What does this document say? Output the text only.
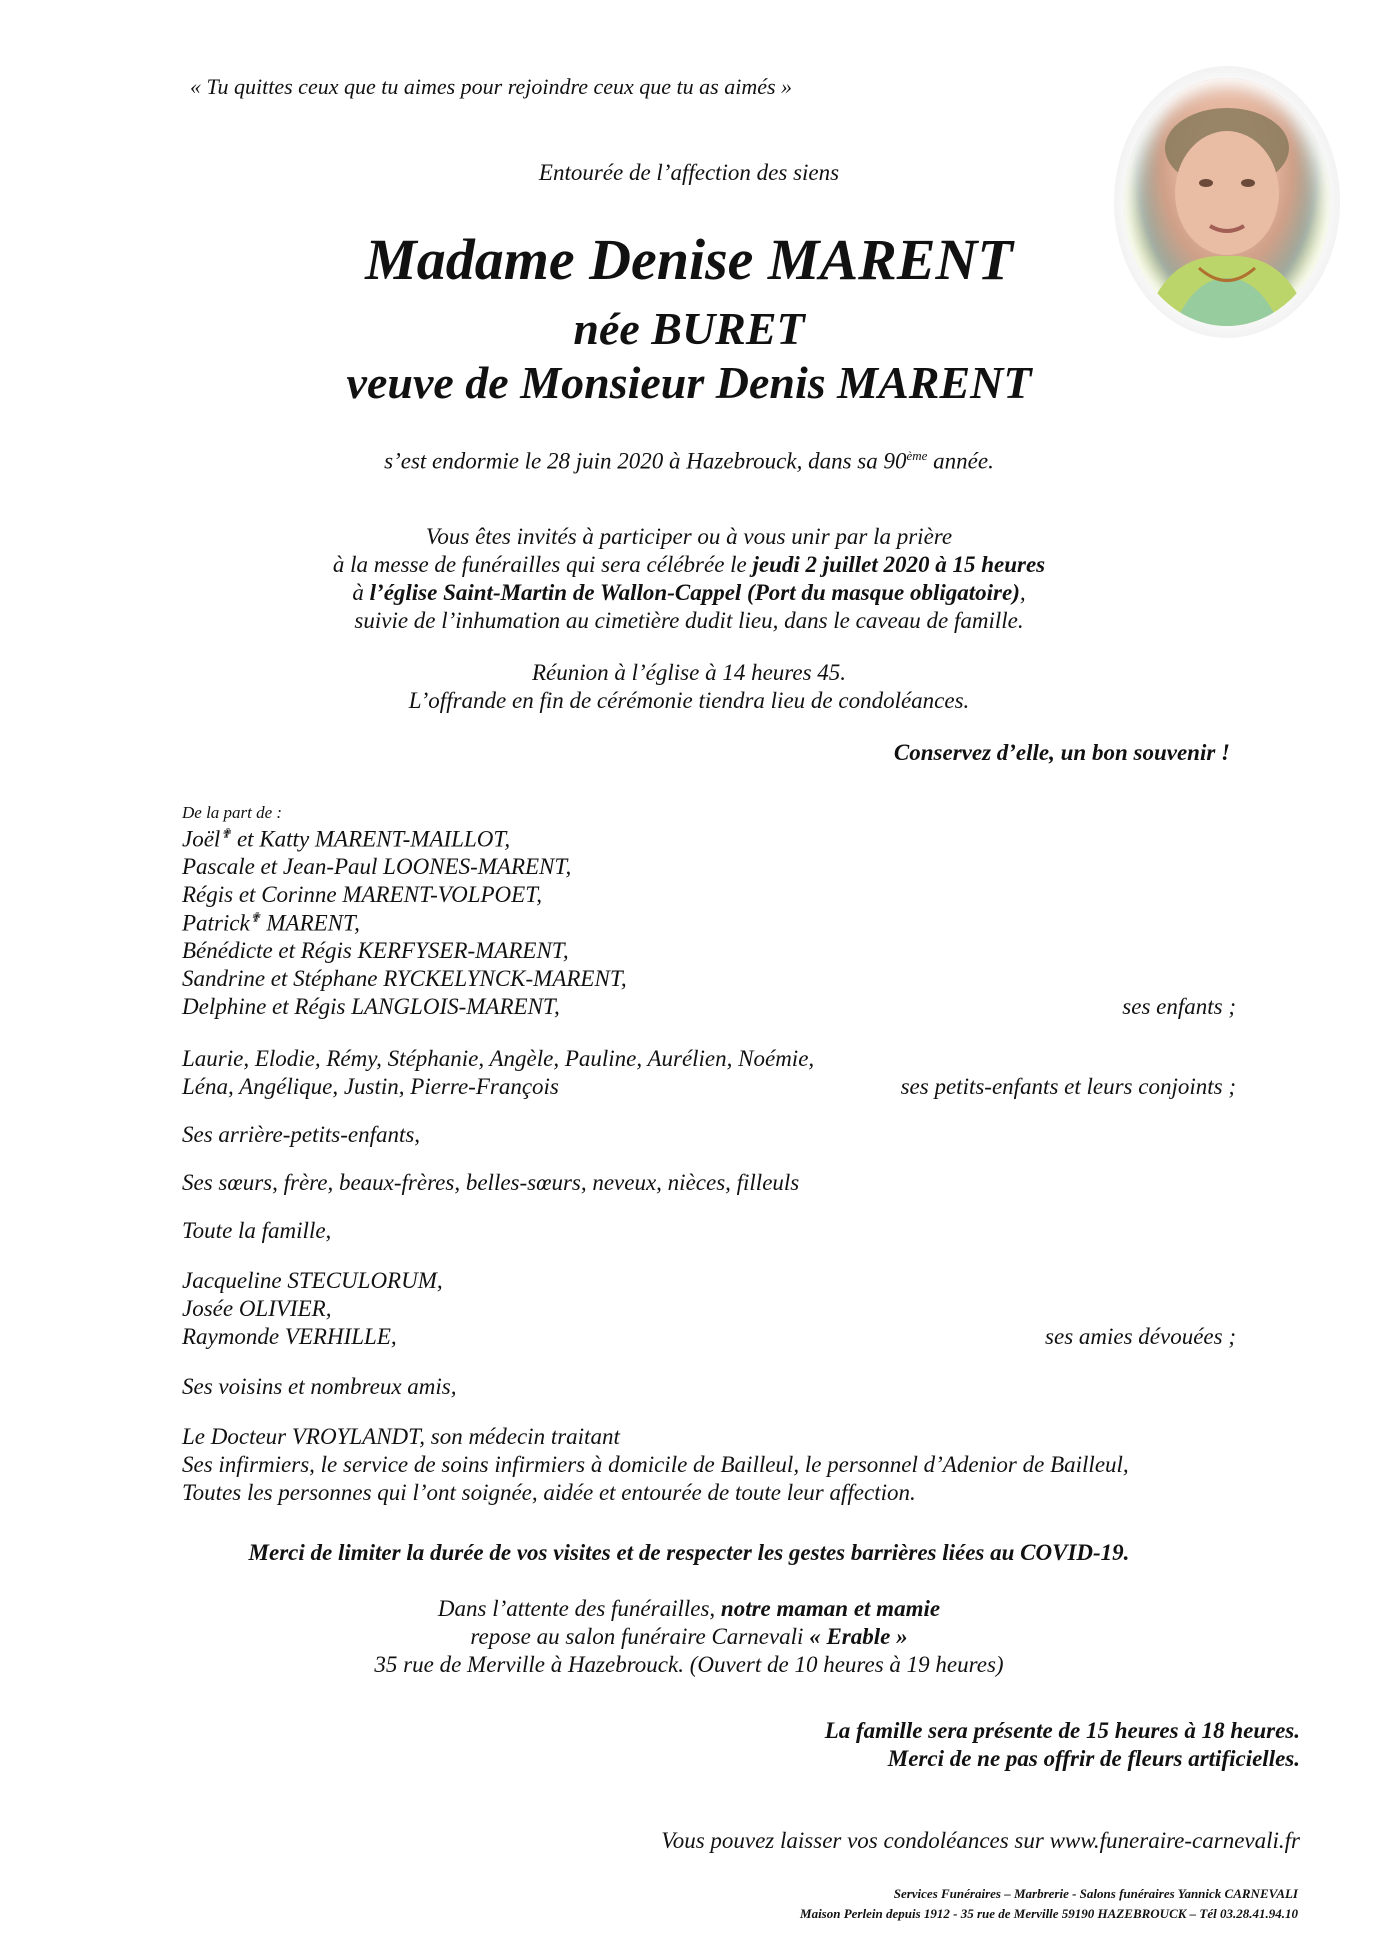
« Tu quittes ceux que tu aimes pour rejoindre ceux que tu as aimés »
Entourée de l’affection des siens
Madame Denise MARENT
née BURET
veuve de Monsieur Denis MARENT
s’est endormie le 28 juin 2020 à Hazebrouck, dans sa 90ème année.
Vous êtes invités à participer ou à vous unir par la prière
à la messe de funérailles qui sera célébrée le jeudi 2 juillet 2020 à 15 heures
à l’église Saint-Martin de Wallon-Cappel (Port du masque obligatoire),
suivie de l’inhumation au cimetière dudit lieu, dans le caveau de famille.
Réunion à l’église à 14 heures 45.
L’offrande en fin de cérémonie tiendra lieu de condoléances.
Conservez d’elle, un bon souvenir !
De la part de :
Joël✟ et Katty MARENT-MAILLOT,
Pascale et Jean-Paul LOONES-MARENT,
Régis et Corinne MARENT-VOLPOET,
Patrick✟ MARENT,
Bénédicte et Régis KERFYSER-MARENT,
Sandrine et Stéphane RYCKELYNCK-MARENT,
Delphine et Régis LANGLOIS-MARENT,	ses enfants ;
Laurie, Elodie, Rémy, Stéphanie, Angèle, Pauline, Aurélien, Noémie,
Léna, Angélique, Justin, Pierre-François	ses petits-enfants et leurs conjoints ;
Ses arrière-petits-enfants,
Ses sœurs, frère, beaux-frères, belles-sœurs, neveux, nièces, filleuls
Toute la famille,
Jacqueline STECULORUM,
Josée OLIVIER,
Raymonde VERHILLE,	ses amies dévouées ;
Ses voisins et nombreux amis,
Le Docteur VROYLANDT, son médecin traitant
Ses infirmiers, le service de soins infirmiers à domicile de Bailleul, le personnel d’Adenior de Bailleul,
Toutes les personnes qui l’ont soignée, aidée et entourée de toute leur affection.
Merci de limiter la durée de vos visites et de respecter les gestes barrières liées au COVID-19.
Dans l’attente des funérailles, notre maman et mamie
repose au salon funéraire Carnevali « Erable »
35 rue de Merville à Hazebrouck. (Ouvert de 10 heures à 19 heures)
La famille sera présente de 15 heures à 18 heures.
Merci de ne pas offrir de fleurs artificielles.
Vous pouvez laisser vos condoléances sur www.funeraire-carnevali.fr
Services Funéraires – Marbrerie - Salons funéraires Yannick CARNEVALI
Maison Perlein depuis 1912 - 35 rue de Merville 59190 HAZEBROUCK – Tél 03.28.41.94.10
